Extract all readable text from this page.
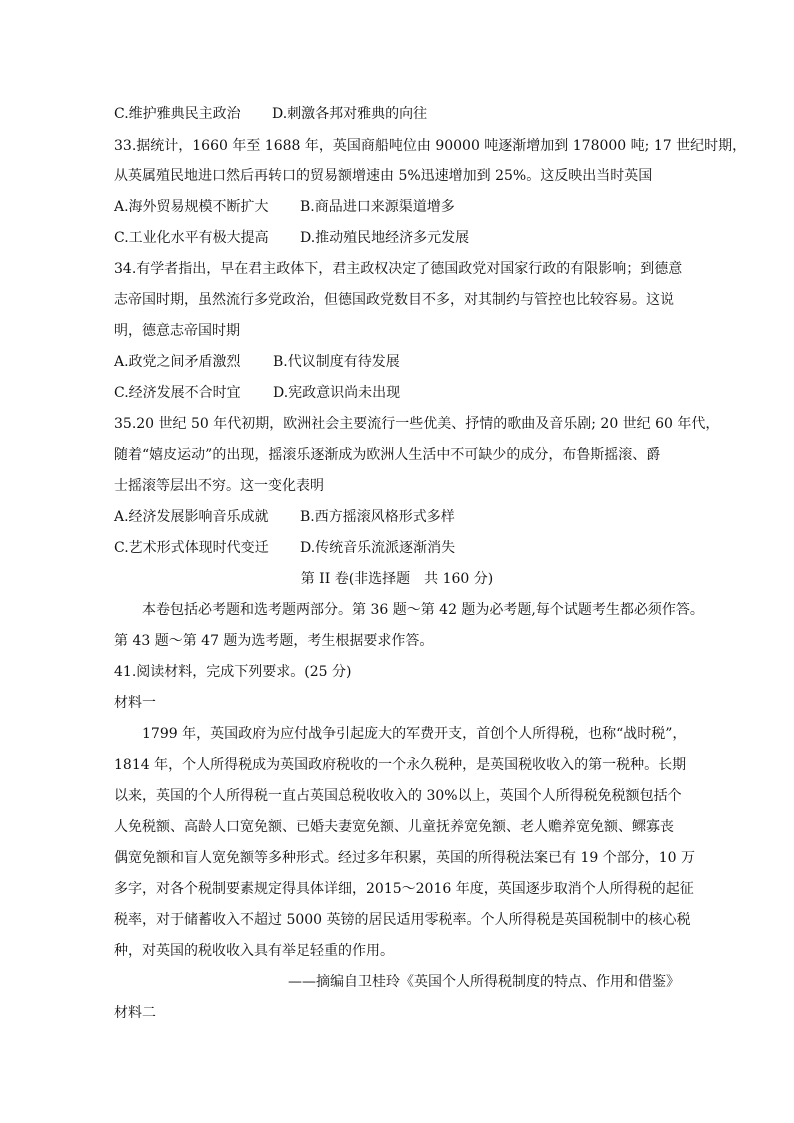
C.维护雅典民主政治 D.刺激各邦对雅典的向往
33.据统计，1660 年至 1688 年，英国商船吨位由 90000 吨逐渐增加到 178000 吨; 17 世纪时期，
从英属殖民地进口然后再转口的贸易额增速由 5%迅速增加到 25%。这反映出当时英国
A.海外贸易规模不断扩大 B.商品进口来源渠道增多
C.工业化水平有极大提高 D.推动殖民地经济多元发展
34.有学者指出，早在君主政体下，君主政权决定了德国政党对国家行政的有限影响；到德意
志帝国时期，虽然流行多党政治，但德国政党数目不多，对其制约与管控也比较容易。这说
明，德意志帝国时期
A.政党之间矛盾激烈 B.代议制度有待发展
C.经济发展不合时宜 D.宪政意识尚未出现
35.20 世纪 50 年代初期，欧洲社会主要流行一些优美、抒情的歌曲及音乐剧; 20 世纪 60 年代，
随着“嬉皮运动”的出现，摇滚乐逐渐成为欧洲人生活中不可缺少的成分，布鲁斯摇滚、爵
士摇滚等层出不穷。这一变化表明
A.经济发展影响音乐成就 B.西方摇滚风格形式多样
C.艺术形式体现时代变迁 D.传统音乐流派逐渐消失
第 II 卷(非选择题　共 160 分)
本卷包括必考题和选考题两部分。第 36 题～第 42 题为必考题,每个试题考生都必须作答。
第 43 题～第 47 题为选考题，考生根据要求作答。
41.阅读材料，完成下列要求。(25 分)
材料一
1799 年，英国政府为应付战争引起庞大的军费开支，首创个人所得税，也称“战时税”，
1814 年，个人所得税成为英国政府税收的一个永久税种，是英国税收收入的第一税种。长期
以来，英国的个人所得税一直占英国总税收收入的 30%以上，英国个人所得税免税额包括个
人免税额、高龄人口宽免额、已婚夫妻宽免额、儿童抚养宽免额、老人赡养宽免额、鳏寡丧
偶宽免额和盲人宽免额等多种形式。经过多年积累，英国的所得税法案已有 19 个部分，10 万
多字，对各个税制要素规定得具体详细，2015～2016 年度，英国逐步取消个人所得税的起征
税率，对于储蓄收入不超过 5000 英镑的居民适用零税率。个人所得税是英国税制中的核心税
种，对英国的税收收入具有举足轻重的作用。
——摘编自卫桂玲《英国个人所得税制度的特点、作用和借鉴》
材料二
